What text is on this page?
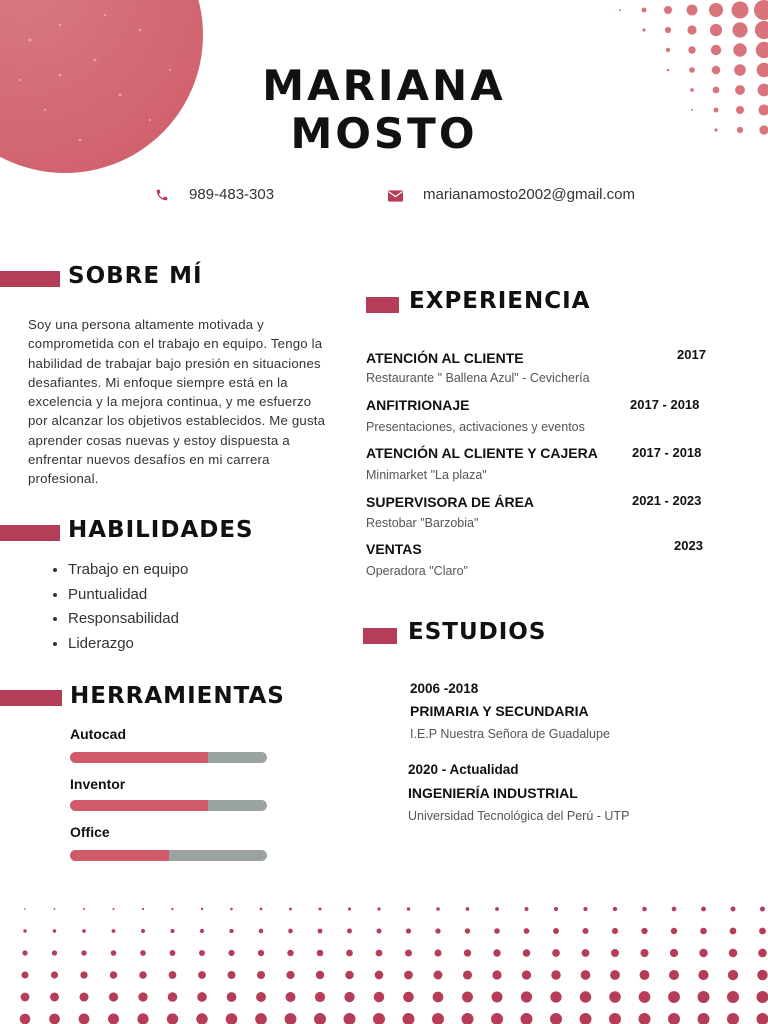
MARIANA
MOSTO
989-483-303	marianamosto2002@gmail.com
SOBRE MÍ
Soy una persona altamente motivada y comprometida con el trabajo en equipo. Tengo la habilidad de trabajar bajo presión en situaciones desafiantes. Mi enfoque siempre está en la excelencia y la mejora continua, y me esfuerzo por alcanzar los objetivos establecidos. Me gusta aprender cosas nuevas y estoy dispuesta a enfrentar nuevos desafíos en mi carrera profesional.
HABILIDADES
• Trabajo en equipo
• Puntualidad
• Responsabilidad
• Liderazgo
HERRAMIENTAS
Autocad
Inventor
Office
EXPERIENCIA
ATENCIÓN AL CLIENTE	2017
Restaurante " Ballena Azul" - Cevichería
ANFITRIONAJE	2017 - 2018
Presentaciones, activaciones y eventos
ATENCIÓN AL CLIENTE Y CAJERA	2017 - 2018
Minimarket "La plaza"
SUPERVISORA DE ÁREA	2021 - 2023
Restobar "Barzobia"
VENTAS	2023
Operadora "Claro"
ESTUDIOS
2006 -2018
PRIMARIA Y SECUNDARIA
I.E.P Nuestra Señora de Guadalupe
2020 - Actualidad
INGENIERÍA INDUSTRIAL
Universidad Tecnológica del Perú - UTP
